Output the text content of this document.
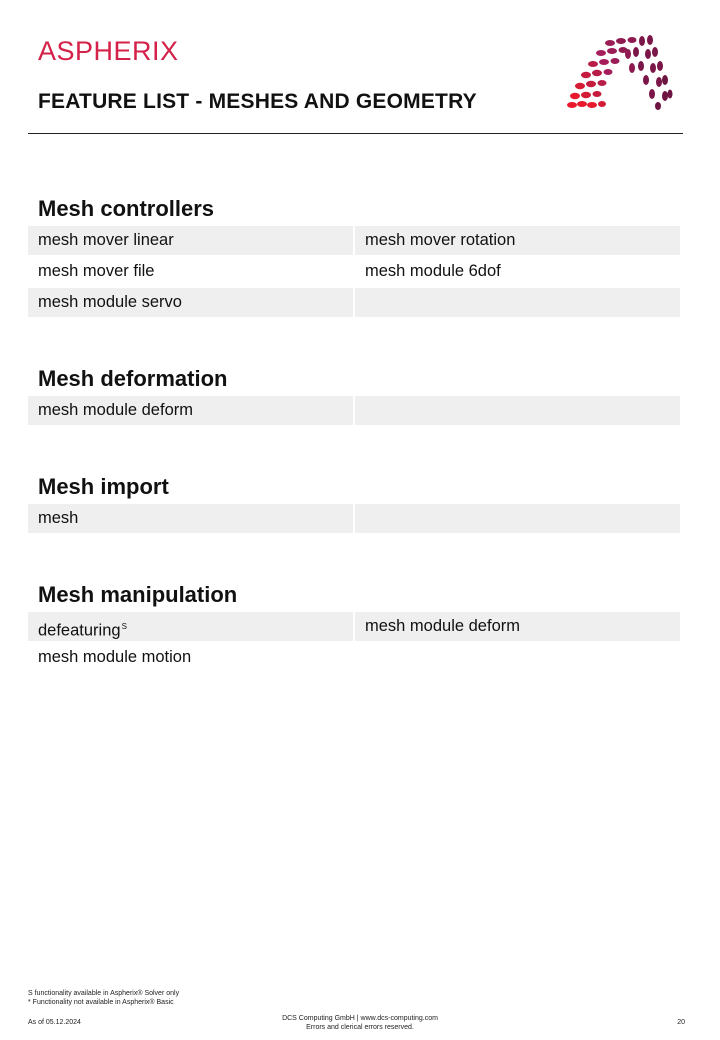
ASPHERIX
FEATURE LIST - MESHES AND GEOMETRY
Mesh controllers
mesh mover linear	mesh mover rotation
mesh mover file	mesh module 6dof
mesh module servo
Mesh deformation
mesh module deform
Mesh import
mesh
Mesh manipulation
defeaturing$^S$	mesh module deform
mesh module motion
S functionality available in Aspherix® Solver only
* Functionality not available in Aspherix® Basic
As of 05.12.2024
DCS Computing GmbH | www.dcs-computing.com
Errors and clerical errors reserved.
20
